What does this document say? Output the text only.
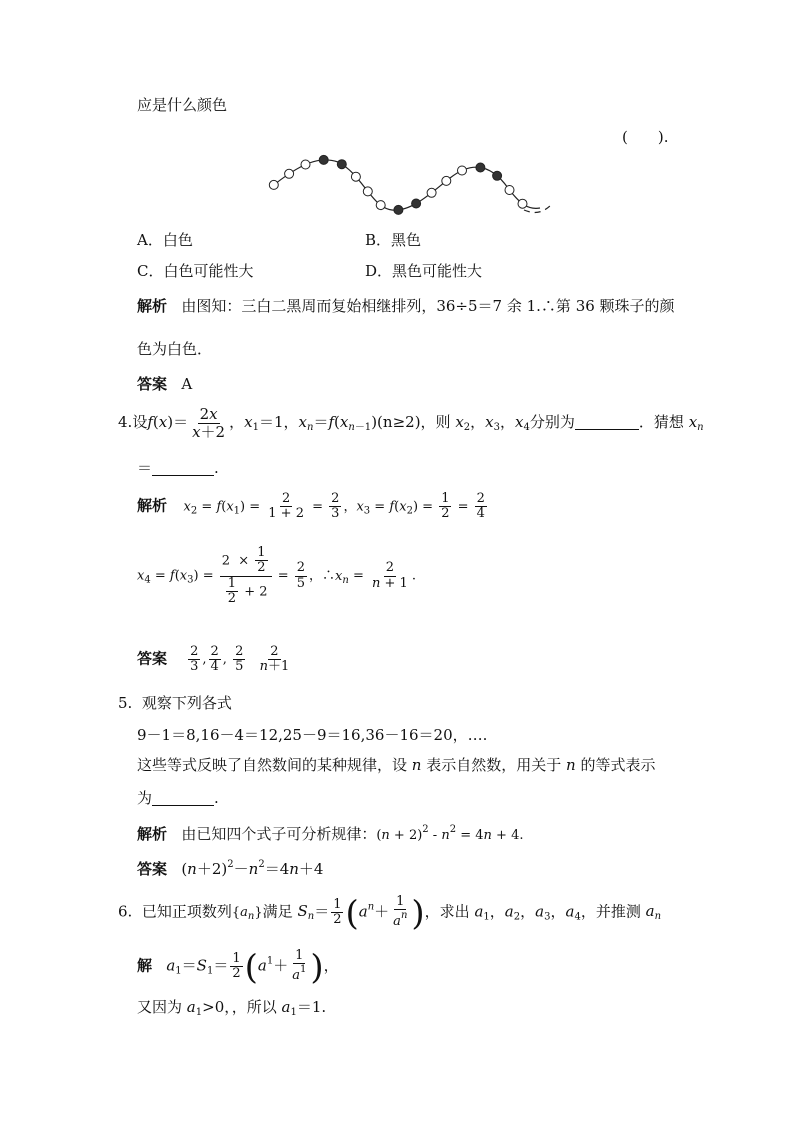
应是什么颜色
(　　).
A．白色	B．黑色
C．白色可能性大	D．黑色可能性大
解析 由图知：三白二黑周而复始相继排列，36÷5＝7 余 1.∴第 36 颗珠子的颜
色为白色．
答案 A
4.设$f(x)= \frac{2x}{x+2}$ ，$x_1=1$，$x_n=f(x_{n-1})(n\ge 2)$，则 $x_2$，$x_3$，$x_4$分别为	．猜想 $x_n$
＝	.
解析 $x_2 = f(x_1) = \frac{2}{1 + 2} = \frac{2}{3}$ ，$x_3 = f(x_2) = \frac{1}{2} = \frac{2}{4}$
$x_4 = f(x_3) = \frac{2 \times \frac{1}{2}}{\frac{1}{2} + 2} = \frac{2}{5}$ ，$\therefore x_n = \frac{2}{n + 1}$ .
答案 $\frac{2}{3}$ , $\frac{2}{4}$ , $\frac{2}{5}$
$\frac{2}{n+1}$
5. 观察下列各式
9－1＝8,16－4＝12,25－9＝16,36－16＝20，….
这些等式反映了自然数间的某种规律，设 n 表示自然数，用关于 n 的等式表示
为	.
解析 由已知四个式子可分析规律：$(n + 2)^2 - n^2 = 4n + 4$.
答案   $(n+2)^2-n^2=4n+4$
6. 已知正项数列$\{a_n\}$满足 $S_n= \frac{1}{2} (a^n+ \frac{1}{a^n}$ )，求出 $a_1$，$a_2$，$a_3$，$a_4$，并推测 $a_n$
解 $a_1=S_1= \frac{1}{2} (a^1+ \frac{1}{a^1}$ )，
又因为 $a_1>0$，，所以 $a_1=1$.
